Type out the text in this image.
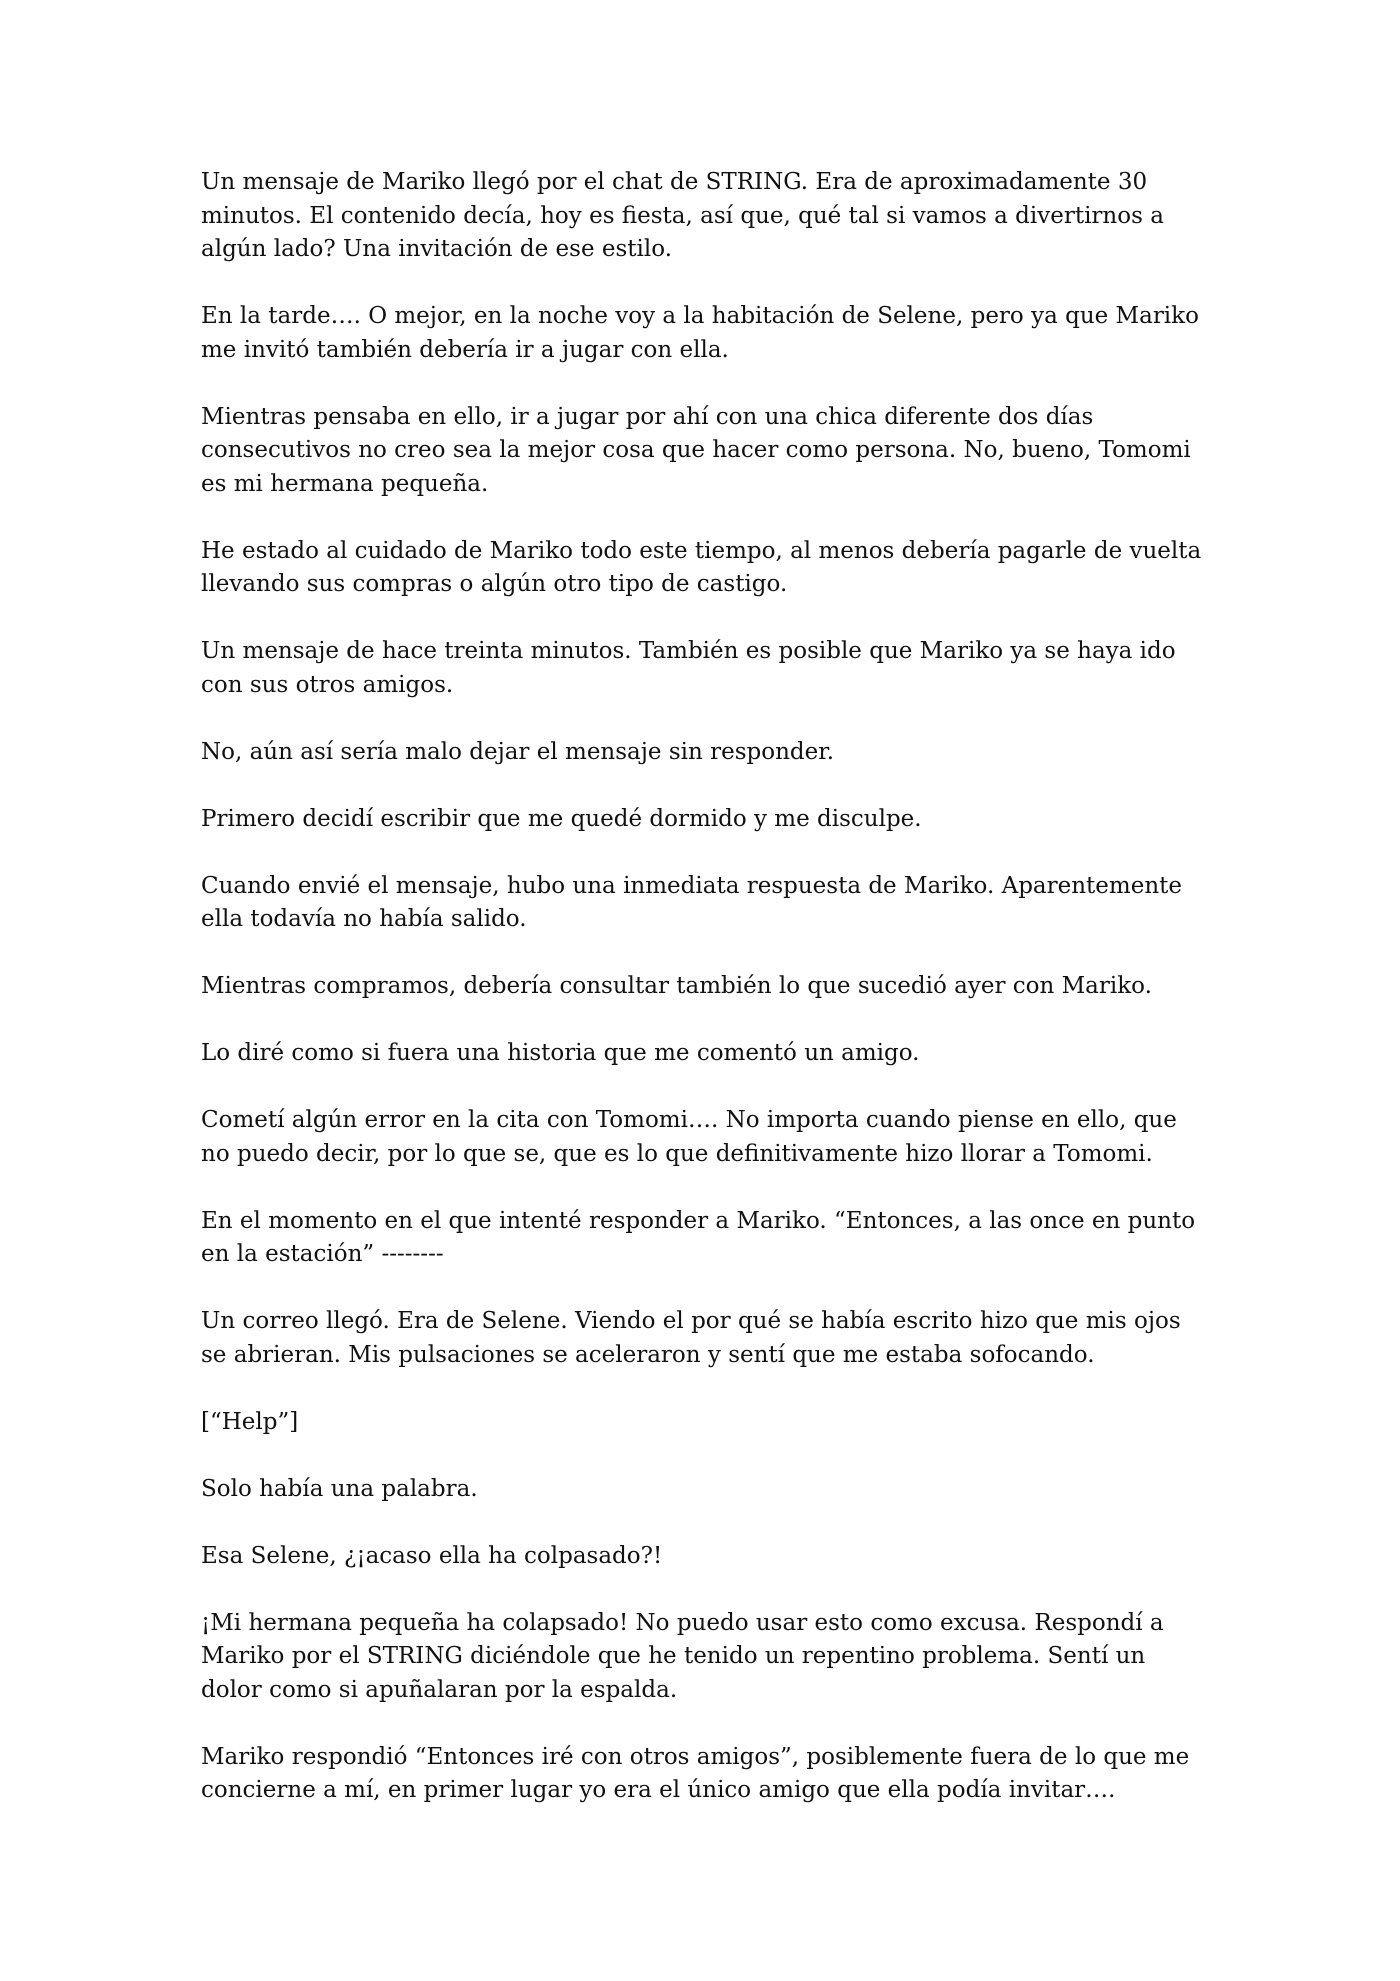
Un mensaje de Mariko llegó por el chat de STRING. Era de aproximadamente 30 minutos. El contenido decía, hoy es fiesta, así que, qué tal si vamos a divertirnos a algún lado? Una invitación de ese estilo.

En la tarde…. O mejor, en la noche voy a la habitación de Selene, pero ya que Mariko me invitó también debería ir a jugar con ella.

Mientras pensaba en ello, ir a jugar por ahí con una chica diferente dos días consecutivos no creo sea la mejor cosa que hacer como persona. No, bueno, Tomomi es mi hermana pequeña.

He estado al cuidado de Mariko todo este tiempo, al menos debería pagarle de vuelta llevando sus compras o algún otro tipo de castigo.

Un mensaje de hace treinta minutos. También es posible que Mariko ya se haya ido con sus otros amigos.

No, aún así sería malo dejar el mensaje sin responder.

Primero decidí escribir que me quedé dormido y me disculpe.

Cuando envié el mensaje, hubo una inmediata respuesta de Mariko. Aparentemente ella todavía no había salido.

Mientras compramos, debería consultar también lo que sucedió ayer con Mariko.

Lo diré como si fuera una historia que me comentó un amigo.

Cometí algún error en la cita con Tomomi…. No importa cuando piense en ello, que no puedo decir, por lo que se, que es lo que definitivamente hizo llorar a Tomomi.

En el momento en el que intenté responder a Mariko. “Entonces, a las once en punto en la estación” --------

Un correo llegó. Era de Selene. Viendo el por qué se había escrito hizo que mis ojos se abrieran. Mis pulsaciones se aceleraron y sentí que me estaba sofocando.

[“Help”]

Solo había una palabra.

Esa Selene, ¿¡acaso ella ha colpasado?!

¡Mi hermana pequeña ha colapsado! No puedo usar esto como excusa. Respondí a Mariko por el STRING diciéndole que he tenido un repentino problema. Sentí un dolor como si apuñalaran por la espalda.

Mariko respondió “Entonces iré con otros amigos”, posiblemente fuera de lo que me concierne a mí, en primer lugar yo era el único amigo que ella podía invitar….
